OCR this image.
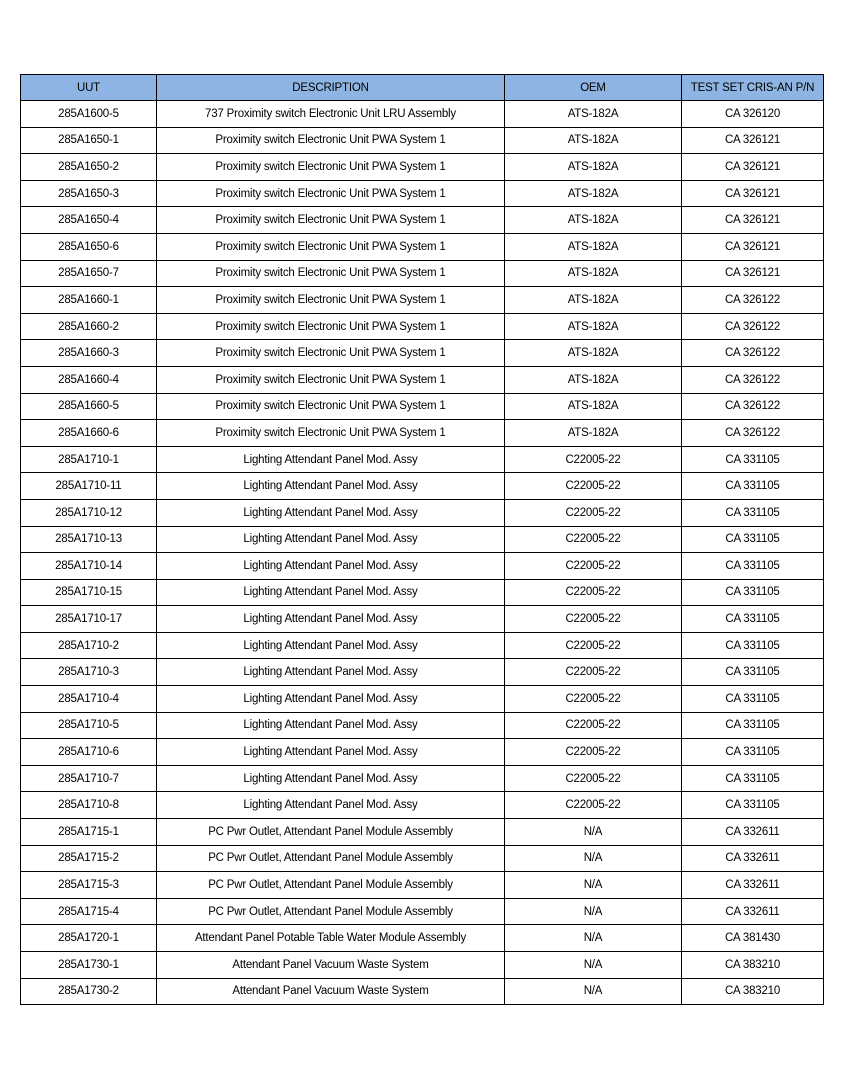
UUT	DESCRIPTION	OEM	TEST SET CRIS-AN P/N
285A1600-5	737 Proximity switch Electronic Unit LRU Assembly	ATS-182A	CA 326120
285A1650-1	Proximity switch Electronic Unit PWA System 1	ATS-182A	CA 326121
285A1650-2	Proximity switch Electronic Unit PWA System 1	ATS-182A	CA 326121
285A1650-3	Proximity switch Electronic Unit PWA System 1	ATS-182A	CA 326121
285A1650-4	Proximity switch Electronic Unit PWA System 1	ATS-182A	CA 326121
285A1650-6	Proximity switch Electronic Unit PWA System 1	ATS-182A	CA 326121
285A1650-7	Proximity switch Electronic Unit PWA System 1	ATS-182A	CA 326121
285A1660-1	Proximity switch Electronic Unit PWA System 1	ATS-182A	CA 326122
285A1660-2	Proximity switch Electronic Unit PWA System 1	ATS-182A	CA 326122
285A1660-3	Proximity switch Electronic Unit PWA System 1	ATS-182A	CA 326122
285A1660-4	Proximity switch Electronic Unit PWA System 1	ATS-182A	CA 326122
285A1660-5	Proximity switch Electronic Unit PWA System 1	ATS-182A	CA 326122
285A1660-6	Proximity switch Electronic Unit PWA System 1	ATS-182A	CA 326122
285A1710-1	Lighting Attendant Panel Mod. Assy	C22005-22	CA 331105
285A1710-11	Lighting Attendant Panel Mod. Assy	C22005-22	CA 331105
285A1710-12	Lighting Attendant Panel Mod. Assy	C22005-22	CA 331105
285A1710-13	Lighting Attendant Panel Mod. Assy	C22005-22	CA 331105
285A1710-14	Lighting Attendant Panel Mod. Assy	C22005-22	CA 331105
285A1710-15	Lighting Attendant Panel Mod. Assy	C22005-22	CA 331105
285A1710-17	Lighting Attendant Panel Mod. Assy	C22005-22	CA 331105
285A1710-2	Lighting Attendant Panel Mod. Assy	C22005-22	CA 331105
285A1710-3	Lighting Attendant Panel Mod. Assy	C22005-22	CA 331105
285A1710-4	Lighting Attendant Panel Mod. Assy	C22005-22	CA 331105
285A1710-5	Lighting Attendant Panel Mod. Assy	C22005-22	CA 331105
285A1710-6	Lighting Attendant Panel Mod. Assy	C22005-22	CA 331105
285A1710-7	Lighting Attendant Panel Mod. Assy	C22005-22	CA 331105
285A1710-8	Lighting Attendant Panel Mod. Assy	C22005-22	CA 331105
285A1715-1	PC Pwr Outlet, Attendant Panel Module Assembly	N/A	CA 332611
285A1715-2	PC Pwr Outlet, Attendant Panel Module Assembly	N/A	CA 332611
285A1715-3	PC Pwr Outlet, Attendant Panel Module Assembly	N/A	CA 332611
285A1715-4	PC Pwr Outlet, Attendant Panel Module Assembly	N/A	CA 332611
285A1720-1	Attendant Panel Potable Table Water Module Assembly	N/A	CA 381430
285A1730-1	Attendant Panel Vacuum Waste System	N/A	CA 383210
285A1730-2	Attendant Panel Vacuum Waste System	N/A	CA 383210
